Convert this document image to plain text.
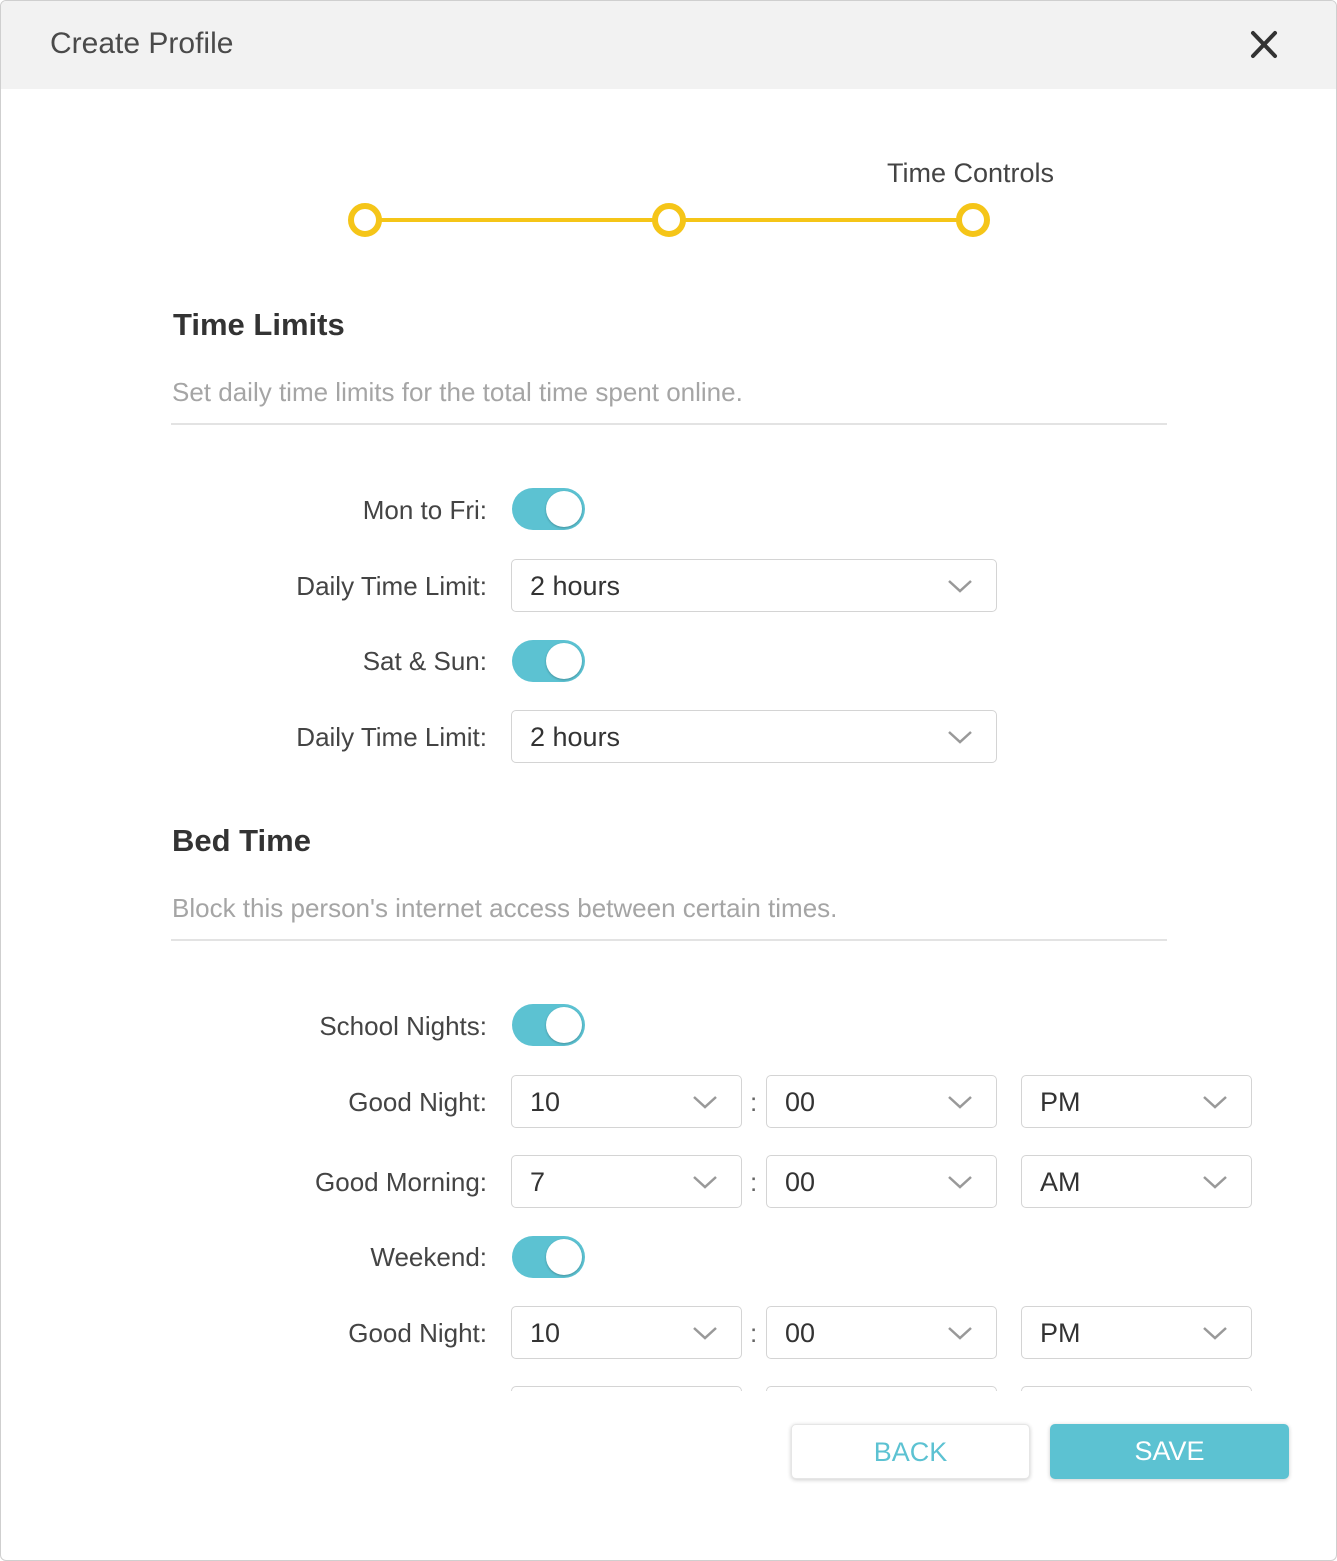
Create Profile
Time Controls
Time Limits
Set daily time limits for the total time spent online.
Mon to Fri:
Daily Time Limit: 2 hours
Sat & Sun:
Daily Time Limit: 2 hours
Bed Time
Block this person's internet access between certain times.
School Nights:
Good Night: 10	: 00	PM
Good Morning: 7	: 00	AM
Weekend:
Good Night: 10	: 00	PM
BACK	SAVE
